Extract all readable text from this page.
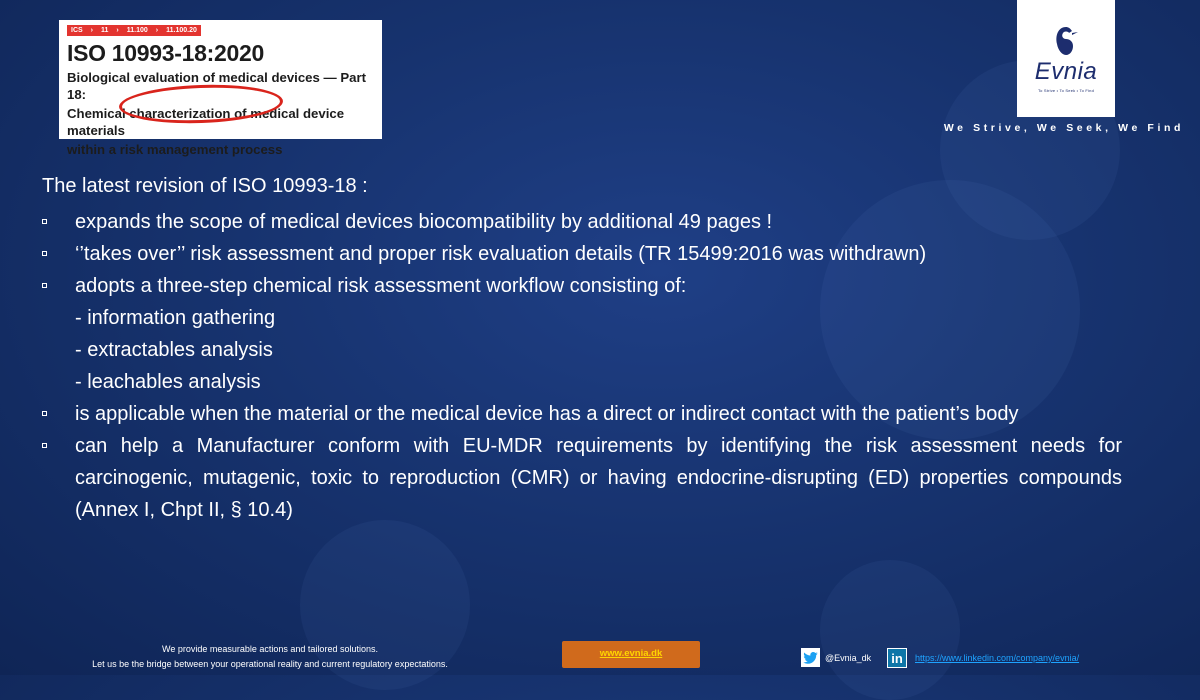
ICS	›	11	›	11.100	›	11.100.20
ISO 10993-18:2020
Biological evaluation of medical devices — Part 18:
Chemical characterization of medical device materials
within a risk management process
Evnia
To Strive • To Seek • To Find
We Strive, We Seek, We Find
The latest revision of ISO 10993-18 :
expands the scope of medical devices biocompatibility by additional 49 pages !
‘’takes over’’ risk assessment and proper risk evaluation details (TR 15499:2016 was withdrawn)
adopts a three-step chemical risk assessment workflow consisting of:
- information gathering
- extractables analysis
- leachables analysis
is applicable when the material or the medical device has a direct or indirect contact with the patient’s body
can help a Manufacturer conform with EU-MDR requirements by identifying the risk assessment needs for carcinogenic, mutagenic, toxic to reproduction (CMR) or having endocrine-disrupting (ED) properties compounds (Annex I, Chpt II, § 10.4)
We provide measurable actions and tailored solutions.
Let us be the bridge between your operational reality and current regulatory expectations.
www.evnia.dk	@Evnia_dk	in	https://www.linkedin.com/company/evnia/
